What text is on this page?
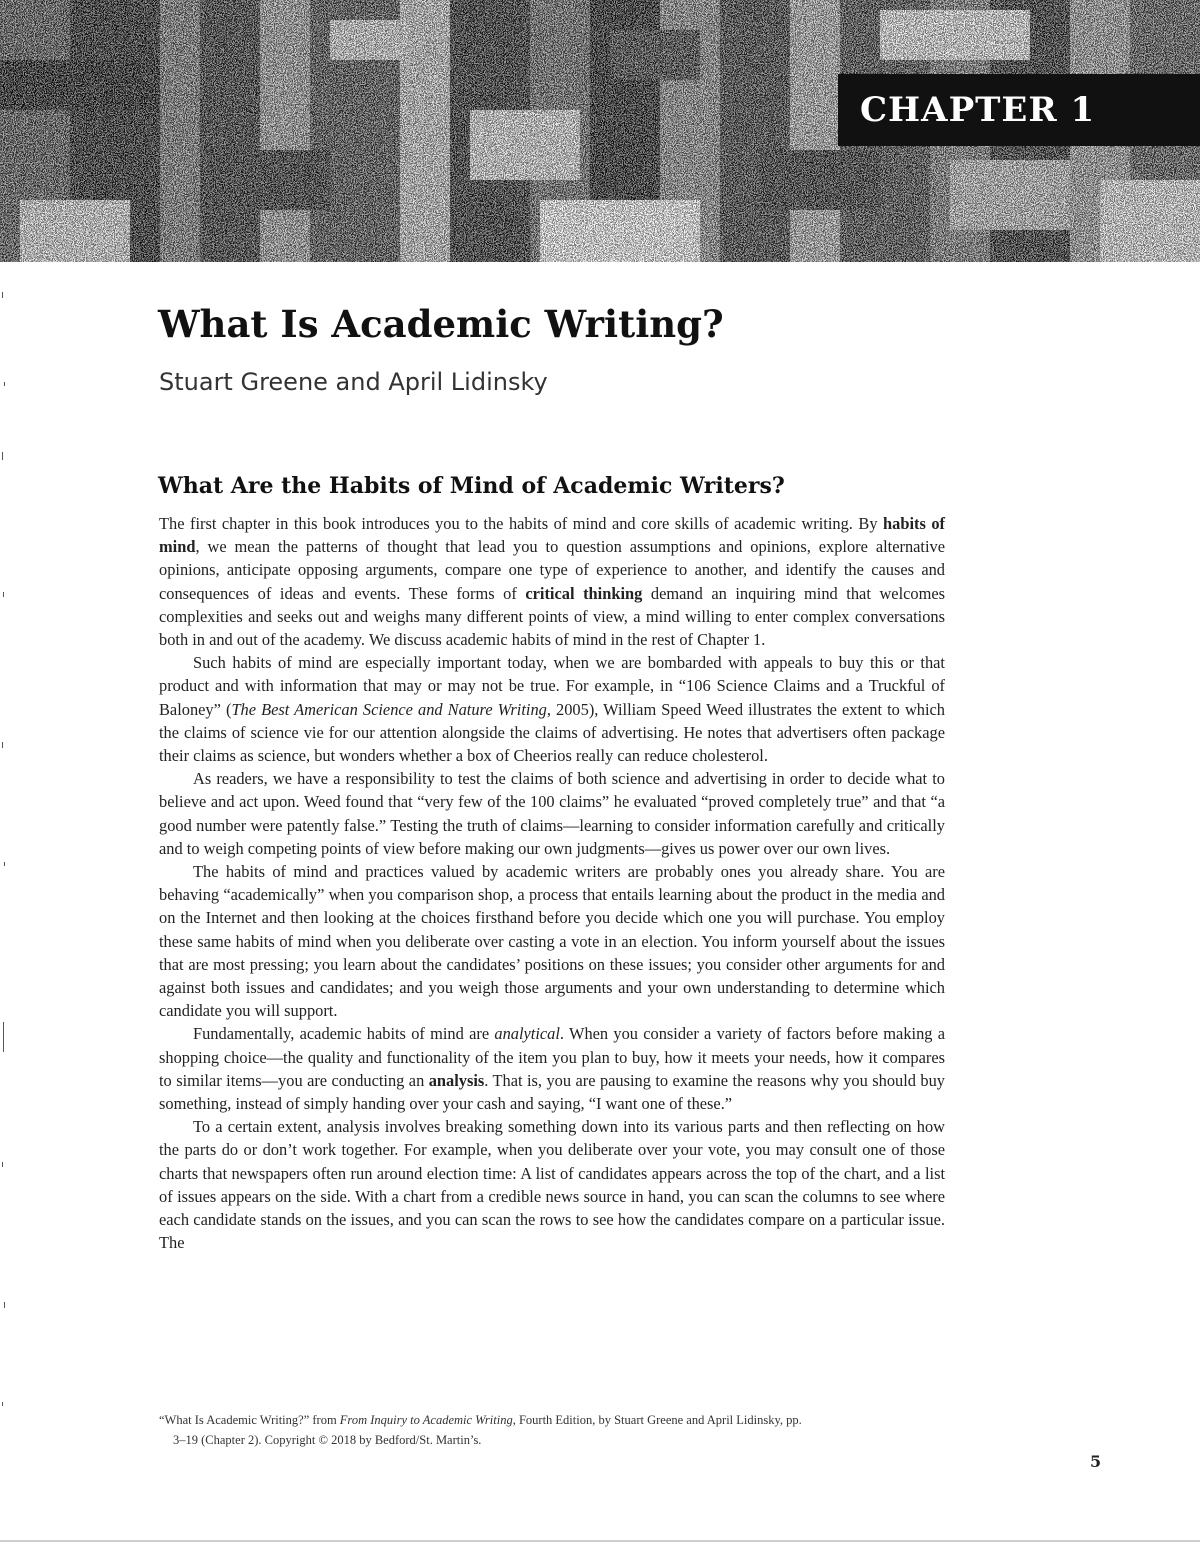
CHAPTER 1
What Is Academic Writing?

Stuart Greene and April Lidinsky

What Are the Habits of Mind of Academic Writers?

The first chapter in this book introduces you to the habits of mind and core skills of academic writing. By habits of mind, we mean the patterns of thought that lead you to question assumptions and opinions, explore alternative opinions, anticipate opposing arguments, compare one type of experience to another, and identify the causes and consequences of ideas and events. These forms of critical thinking demand an inquiring mind that welcomes complexities and seeks out and weighs many different points of view, a mind willing to enter complex conversations both in and out of the academy. We discuss academic habits of mind in the rest of Chapter 1.

Such habits of mind are especially important today, when we are bombarded with appeals to buy this or that product and with information that may or may not be true. For example, in “106 Science Claims and a Truckful of Baloney” (The Best American Science and Nature Writing, 2005), William Speed Weed illustrates the extent to which the claims of science vie for our attention alongside the claims of advertising. He notes that advertisers often package their claims as science, but wonders whether a box of Cheerios really can reduce cholesterol.

As readers, we have a responsibility to test the claims of both science and advertising in order to decide what to believe and act upon. Weed found that “very few of the 100 claims” he evaluated “proved completely true” and that “a good number were patently false.” Testing the truth of claims—learning to consider information carefully and critically and to weigh competing points of view before making our own judgments—gives us power over our own lives.

The habits of mind and practices valued by academic writers are probably ones you already share. You are behaving “academically” when you comparison shop, a process that entails learning about the product in the media and on the Internet and then looking at the choices firsthand before you decide which one you will purchase. You employ these same habits of mind when you deliberate over casting a vote in an election. You inform yourself about the issues that are most pressing; you learn about the candidates’ positions on these issues; you consider other arguments for and against both issues and candidates; and you weigh those arguments and your own understanding to determine which candidate you will support.

Fundamentally, academic habits of mind are analytical. When you consider a variety of factors before making a shopping choice—the quality and functionality of the item you plan to buy, how it meets your needs, how it compares to similar items—you are conducting an analysis. That is, you are pausing to examine the reasons why you should buy something, instead of simply handing over your cash and saying, “I want one of these.”

To a certain extent, analysis involves breaking something down into its various parts and then reflecting on how the parts do or don’t work together. For example, when you deliberate over your vote, you may consult one of those charts that newspapers often run around election time: A list of candidates appears across the top of the chart, and a list of issues appears on the side. With a chart from a credible news source in hand, you can scan the columns to see where each candidate stands on the issues, and you can scan the rows to see how the candidates compare on a particular issue. The

“What Is Academic Writing?” from From Inquiry to Academic Writing, Fourth Edition, by Stuart Greene and April Lidinsky, pp.
3–19 (Chapter 2). Copyright © 2018 by Bedford/St. Martin’s.
5
